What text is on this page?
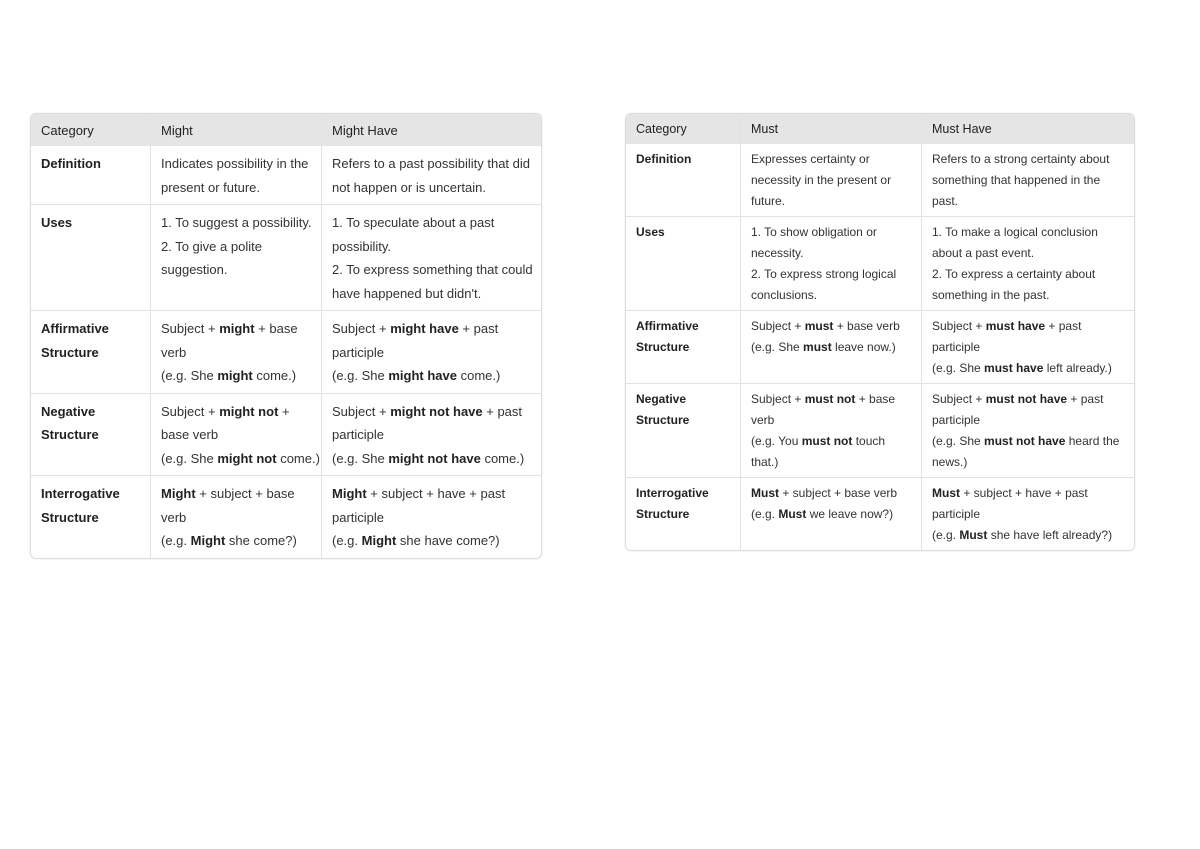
Category	Might	Might Have

Definition	Indicates possibility in the
present or future.	Refers to a past possibility that did
not happen or is uncertain.

Uses	1. To suggest a possibility.
2. To give a polite
suggestion.	1. To speculate about a past
possibility.
2. To express something that could
have happened but didn't.

Affirmative
Structure	Subject + might + base
verb
(e.g. She might come.)	Subject + might have + past
participle
(e.g. She might have come.)

Negative
Structure	Subject + might not +
base verb
(e.g. She might not come.)	Subject + might not have + past
participle
(e.g. She might not have come.)

Interrogative
Structure	Might + subject + base
verb
(e.g. Might she come?)	Might + subject + have + past
participle
(e.g. Might she have come?)
Category	Must	Must Have

Definition	Expresses certainty or
necessity in the present or
future.	Refers to a strong certainty about
something that happened in the
past.

Uses	1. To show obligation or
necessity.
2. To express strong logical
conclusions.	1. To make a logical conclusion
about a past event.
2. To express a certainty about
something in the past.

Affirmative
Structure	Subject + must + base verb
(e.g. She must leave now.)	Subject + must have + past
participle
(e.g. She must have left already.)

Negative
Structure	Subject + must not + base
verb
(e.g. You must not touch
that.)	Subject + must not have + past
participle
(e.g. She must not have heard the
news.)

Interrogative
Structure	Must + subject + base verb
(e.g. Must we leave now?)	Must + subject + have + past
participle
(e.g. Must she have left already?)
